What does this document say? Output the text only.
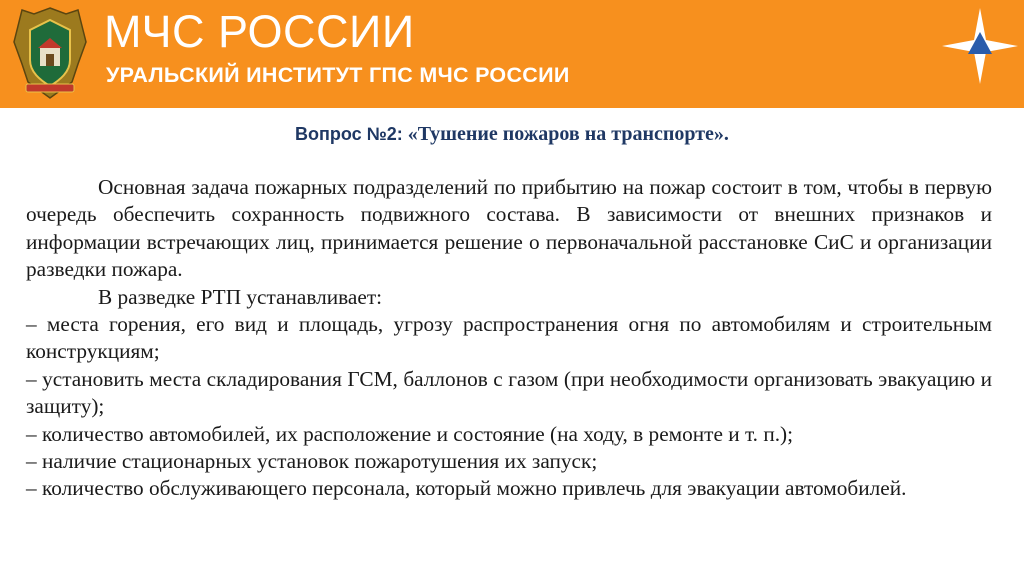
МЧС РОССИИ
УРАЛЬСКИЙ ИНСТИТУТ ГПС МЧС РОССИИ
Вопрос №2: «Тушение пожаров на транспорте».

Основная задача пожарных подразделений по прибытию на пожар состоит в том, чтобы в первую очередь обеспечить сохранность подвижного состава. В зависимости от внешних признаков и информации встречающих лиц, принимается решение о первоначальной расстановке СиС и организации разведки пожара.

В разведке РТП устанавливает:

– места горения, его вид и площадь, угрозу распространения огня по автомобилям и строительным конструкциям;

– установить места складирования ГСМ, баллонов с газом (при необходимости организовать эвакуацию и защиту);

– количество автомобилей, их расположение и состояние (на ходу, в ремонте и т. п.);

– наличие стационарных установок пожаротушения их запуск;

– количество обслуживающего персонала, который можно привлечь для эвакуации автомобилей.
